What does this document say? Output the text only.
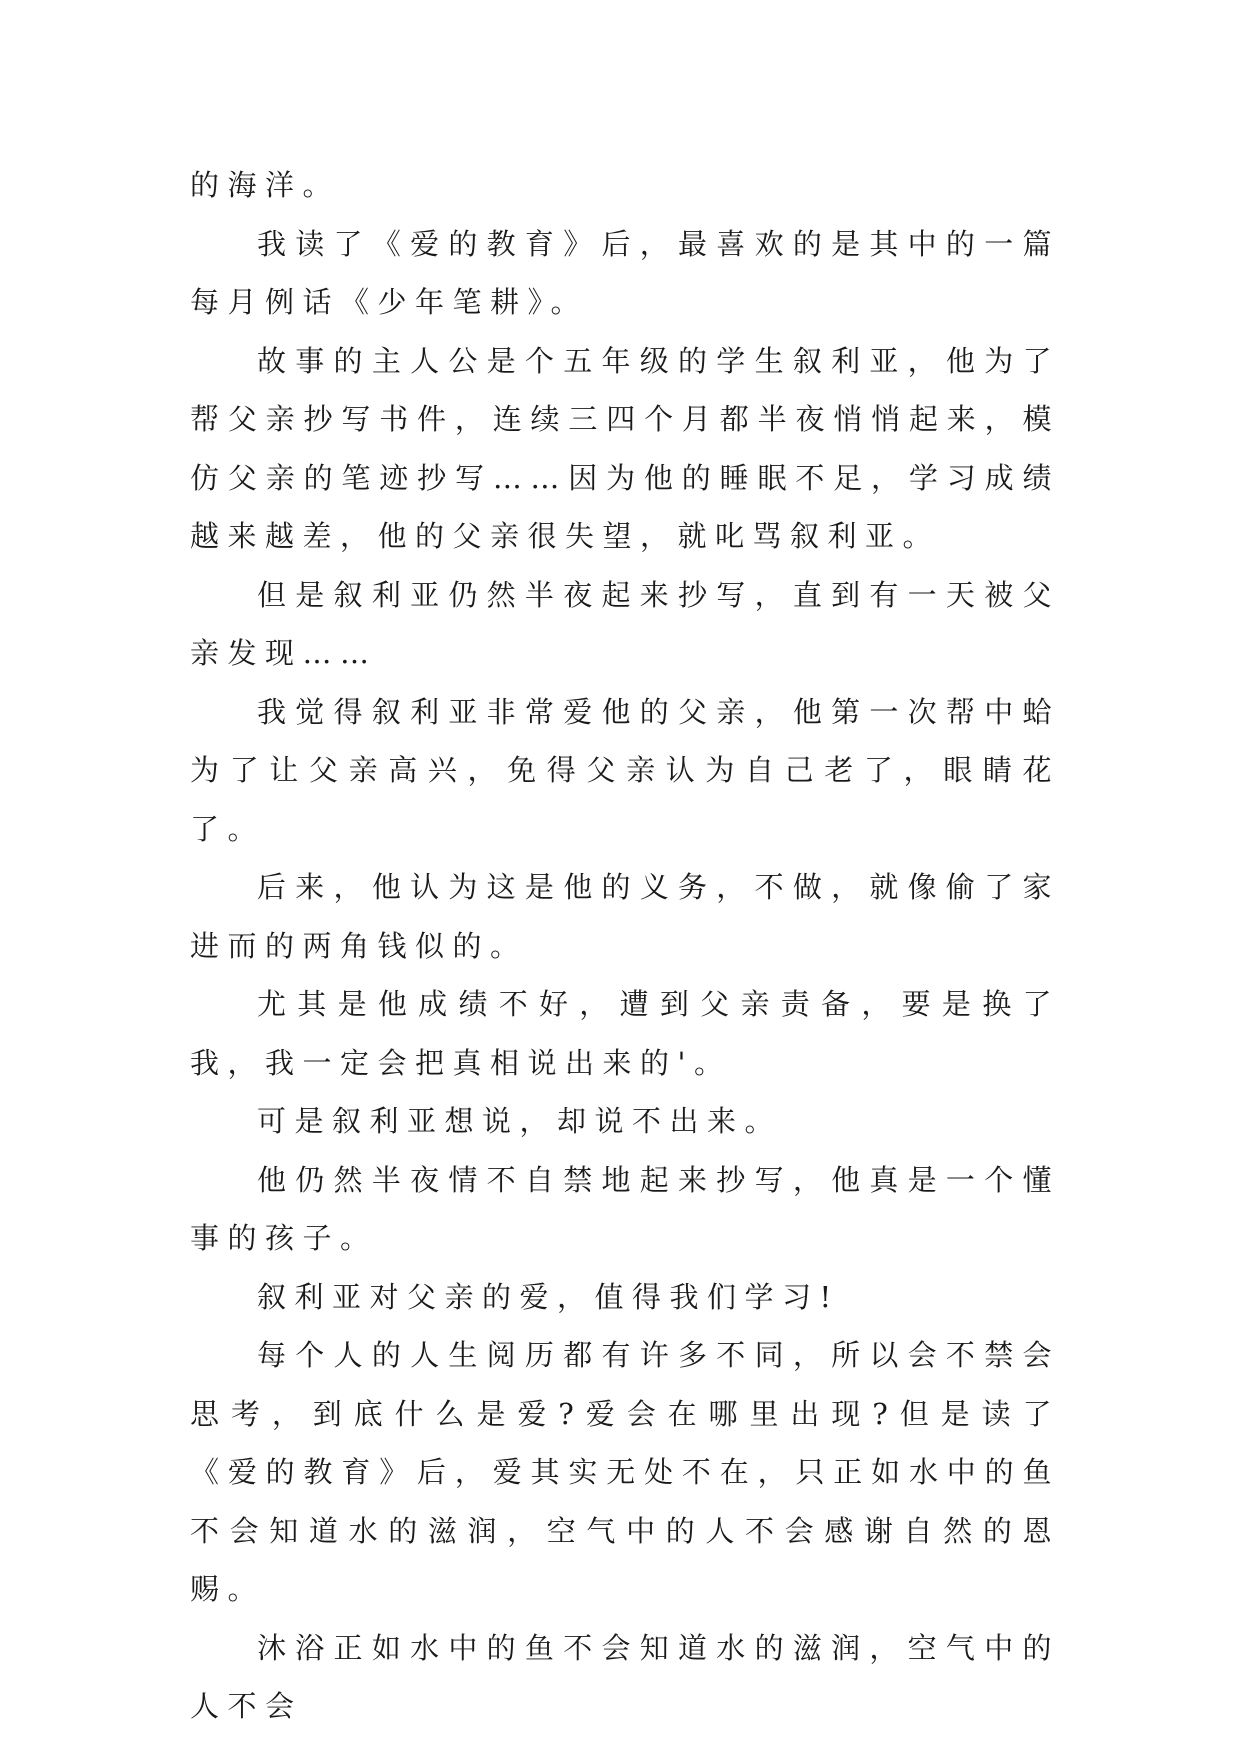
的海洋。

我读了《爱的教育》后，最喜欢的是其中的一篇每月例话《少年笔耕》。

故事的主人公是个五年级的学生叙利亚，他为了帮父亲抄写书件，连续三四个月都半夜悄悄起来，模仿父亲的笔迹抄写……因为他的睡眠不足，学习成绩越来越差，他的父亲很失望，就叱骂叙利亚。

但是叙利亚仍然半夜起来抄写，直到有一天被父亲发现……

我觉得叙利亚非常爱他的父亲，他第一次帮中蛤为了让父亲高兴，免得父亲认为自己老了，眼睛花了。

后来，他认为这是他的义务，不做，就像偷了家进而的两角钱似的。

尤其是他成绩不好，遭到父亲责备，要是换了我，我一定会把真相说出来的'。

可是叙利亚想说，却说不出来。

他仍然半夜情不自禁地起来抄写，他真是一个懂事的孩子。

叙利亚对父亲的爱，值得我们学习!

每个人的人生阅历都有许多不同，所以会不禁会思考，到底什么是爱?爱会在哪里出现?但是读了《爱的教育》后，爱其实无处不在，只正如水中的鱼不会知道水的滋润，空气中的人不会感谢自然的恩赐。

沐浴正如水中的鱼不会知道水的滋润，空气中的人不会
